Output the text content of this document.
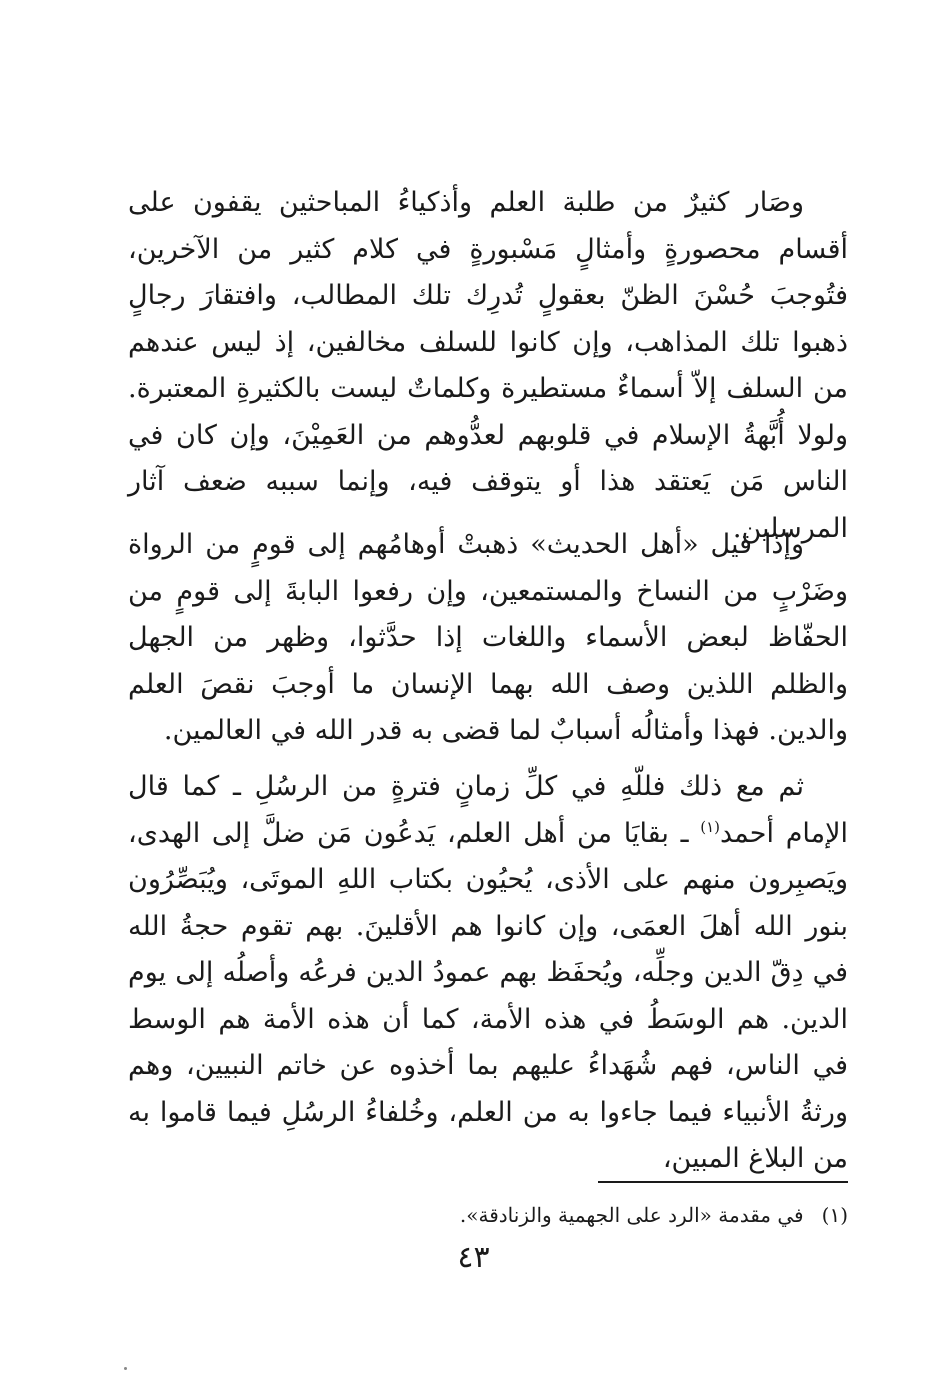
وصَار كثيرٌ من طلبة العلم وأذكياءُ المباحثين يقفون على أقسام محصورةٍ وأمثالٍ مَسْبورةٍ في كلام كثير من الآخرين، فتُوجبَ حُسْنَ الظنّ بعقولٍ تُدرِك تلك المطالب، وافتقارَ رجالٍ ذهبوا تلك المذاهب، وإن كانوا للسلف مخالفين، إذ ليس عندهم من السلف إلاّ أسماءٌ مستطيرة وكلماتٌ ليست بالكثيرةِ المعتبرة. ولولا أُبَّهةُ الإسلام في قلوبهم لعدُّوهم من العَمِيْنَ، وإن كان في الناس مَن يَعتقد هذا أو يتوقف فيه، وإنما سببه ضعف آثار المرسلين.

وإذا قيل «أهل الحديث» ذهبتْ أوهامُهم إلى قومٍ من الرواة وضَرْبٍ من النساخ والمستمعين، وإن رفعوا البابةَ إلى قومٍ من الحفّاظ لبعض الأسماء واللغات إذا حدَّثوا، وظهر من الجهل والظلم اللذين وصف الله بهما الإنسان ما أوجبَ نقصَ العلم والدين. فهذا وأمثالُه أسبابٌ لما قضى به قدر الله في العالمين.

ثم مع ذلك فللّهِ في كلِّ زمانٍ فترةٍ من الرسُلِ ـ كما قال الإمام أحمد$^{(١)}$ ـ بقايَا من أهل العلم، يَدعُون مَن ضلَّ إلى الهدى، ويَصبِرون منهم على الأذى، يُحيُون بكتاب اللهِ الموتَى، ويُبَصِّرُون بنور الله أهلَ العمَى، وإن كانوا هم الأقلينَ. بهم تقوم حجةُ الله في دِقّ الدين وجلِّه، ويُحفَظ بهم عمودُ الدين فرعُه وأصلُه إلى يوم الدين. هم الوسَطُ في هذه الأمة، كما أن هذه الأمة هم الوسط في الناس، فهم شُهَداءُ عليهم بما أخذوه عن خاتم النبيين، وهم ورثةُ الأنبياء فيما جاءوا به من العلم، وخُلفاءُ الرسُلِ فيما قاموا به من البلاغ المبين،

(١)في مقدمة «الرد على الجهمية والزنادقة».
٤٣
